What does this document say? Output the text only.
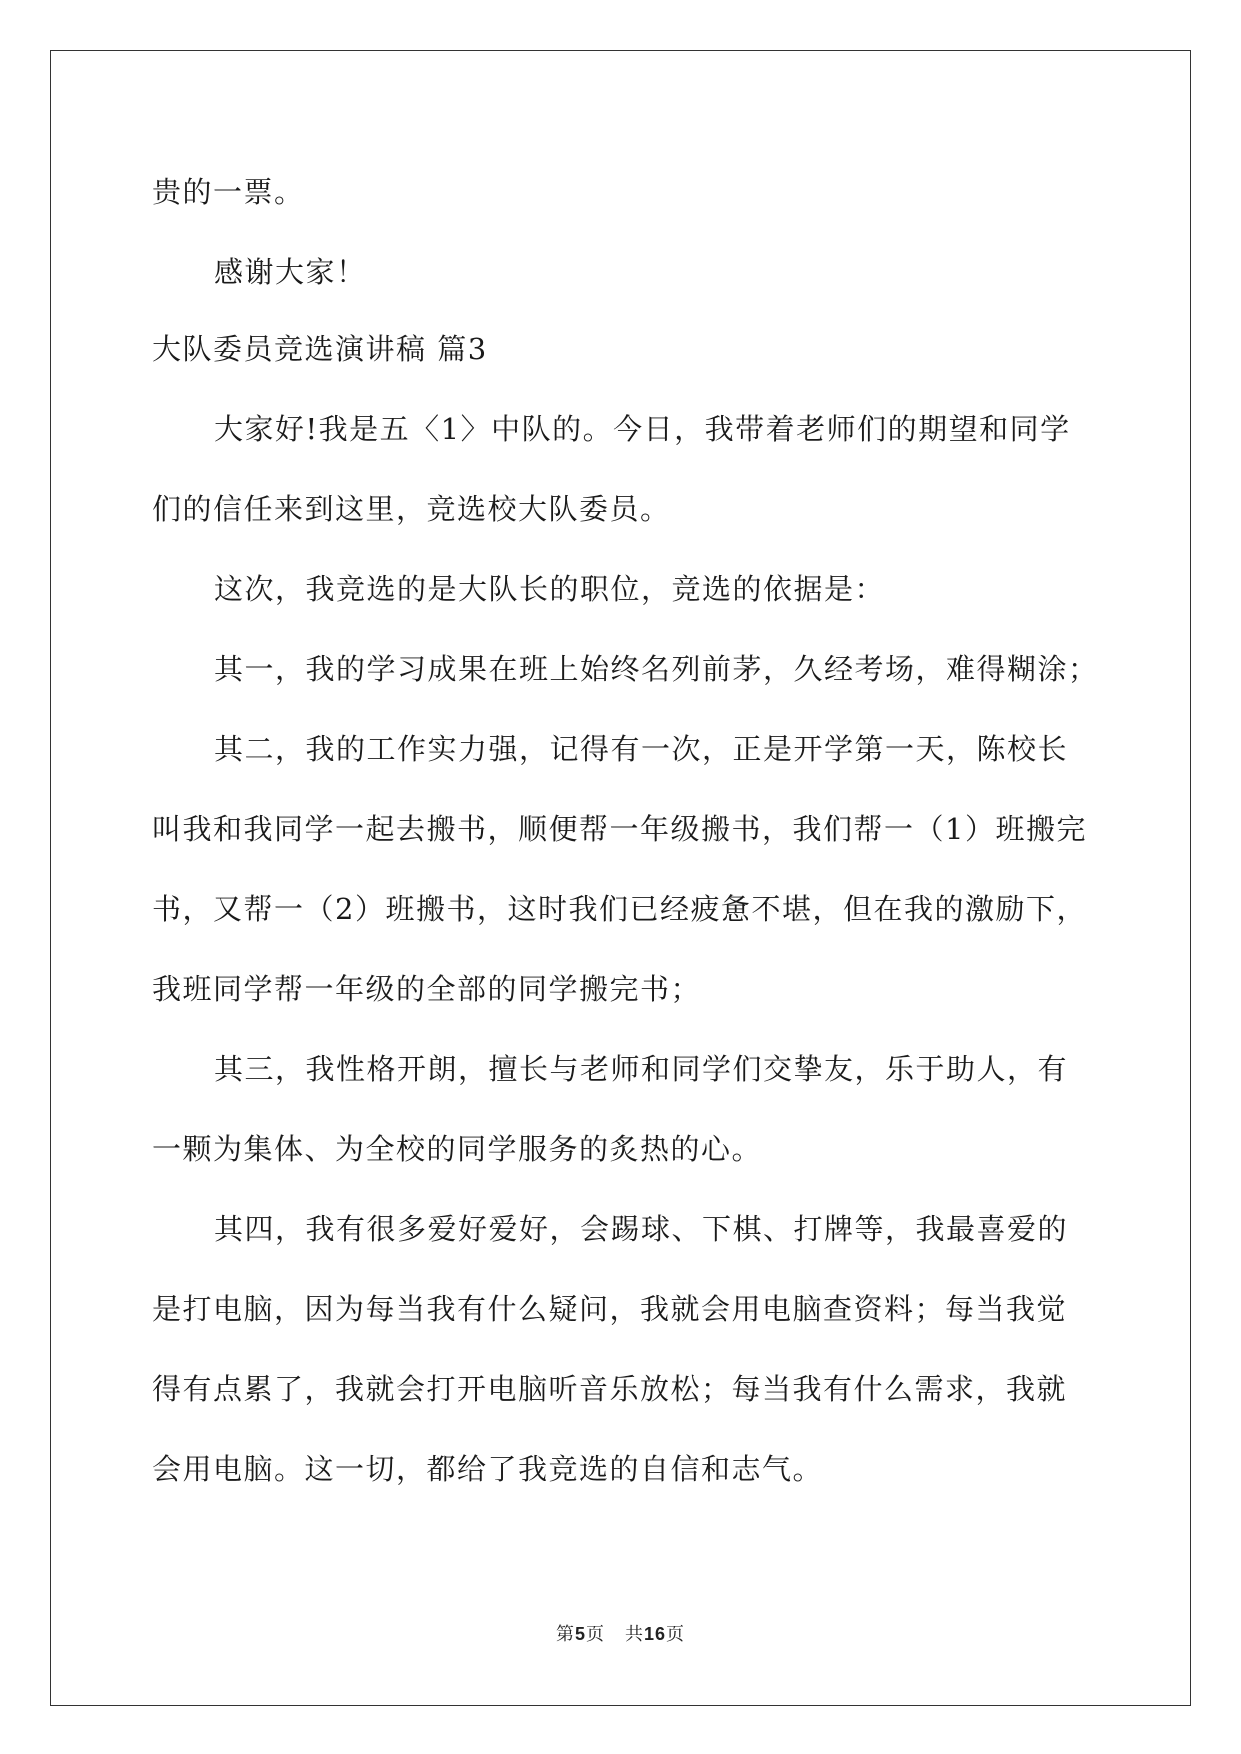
贵的一票。
感谢大家！
大队委员竞选演讲稿 篇3
大家好!我是五〈1〉中队的。今日，我带着老师们的期望和同学
们的信任来到这里，竞选校大队委员。
这次，我竞选的是大队长的职位，竞选的依据是：
其一，我的学习成果在班上始终名列前茅，久经考场，难得糊涂；
其二，我的工作实力强，记得有一次，正是开学第一天，陈校长
叫我和我同学一起去搬书，顺便帮一年级搬书，我们帮一（1）班搬完
书，又帮一（2）班搬书，这时我们已经疲惫不堪，但在我的激励下，
我班同学帮一年级的全部的同学搬完书；
其三，我性格开朗，擅长与老师和同学们交挚友，乐于助人，有
一颗为集体、为全校的同学服务的炙热的心。
其四，我有很多爱好爱好，会踢球、下棋、打牌等，我最喜爱的
是打电脑，因为每当我有什么疑问，我就会用电脑查资料；每当我觉
得有点累了，我就会打开电脑听音乐放松；每当我有什么需求，我就
会用电脑。这一切，都给了我竞选的自信和志气。
第5页 共16页
